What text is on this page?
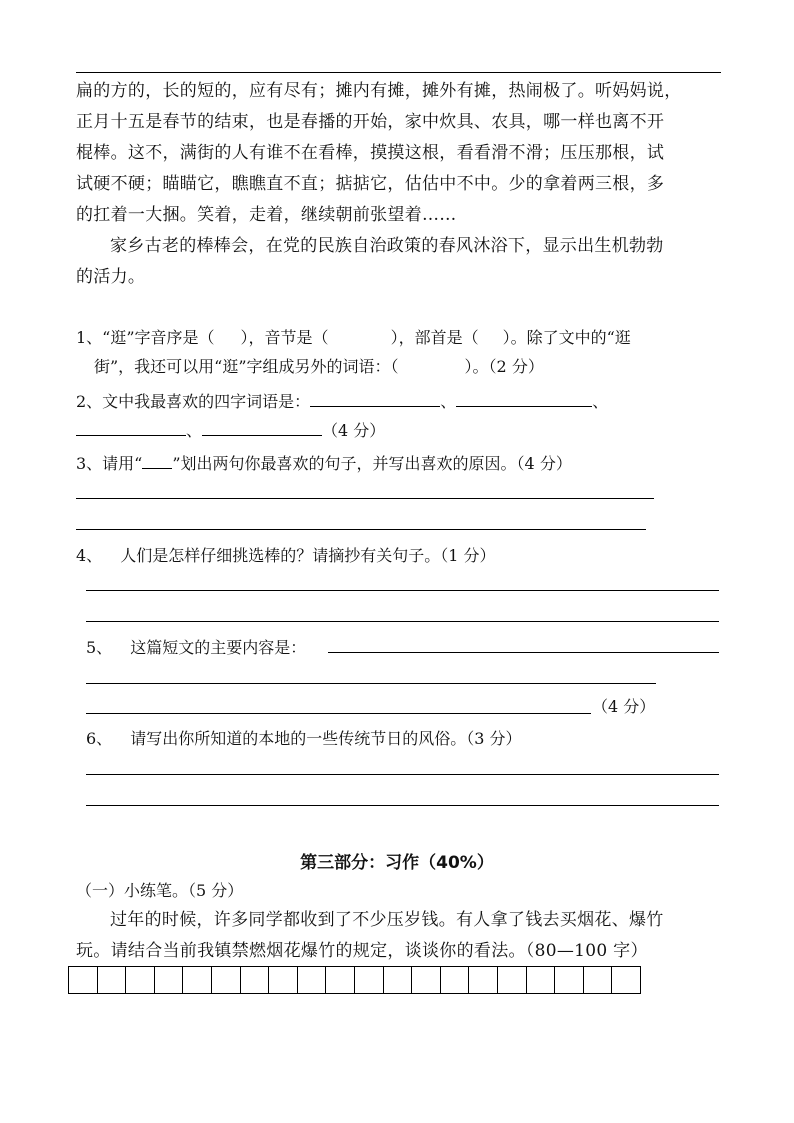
扁的方的，长的短的，应有尽有；摊内有摊，摊外有摊，热闹极了。听妈妈说，

正月十五是春节的结束，也是春播的开始，家中炊具、农具，哪一样也离不开

棍棒。这不，满街的人有谁不在看棒，摸摸这根，看看滑不滑；压压那根，试

试硬不硬；瞄瞄它，瞧瞧直不直；掂掂它，估估中不中。少的拿着两三根，多

的扛着一大捆。笑着，走着，继续朝前张望着……

家乡古老的棒棒会，在党的民族自治政策的春风沐浴下，显示出生机勃勃

的活力。

1、“逛”字音序是（ ），音节是（	），部首是（ ）。除了文中的“逛
街”，我还可以用“逛”字组成另外的词语：（	）。（2 分）
2、文中我最喜欢的四字词语是：	、	、
、	（4 分）
3、请用“ ”划出两句你最喜欢的句子，并写出喜欢的原因。（4 分）
4、 人们是怎样仔细挑选棒的？请摘抄有关句子。（1 分）
5、 这篇短文的主要内容是：
（4 分）
6、 请写出你所知道的本地的一些传统节日的风俗。（3 分）
第三部分：习作（40%）
（一）小练笔。（5 分）

过年的时候，许多同学都收到了不少压岁钱。有人拿了钱去买烟花、爆竹

玩。请结合当前我镇禁燃烟花爆竹的规定，谈谈你的看法。（80—100 字）
